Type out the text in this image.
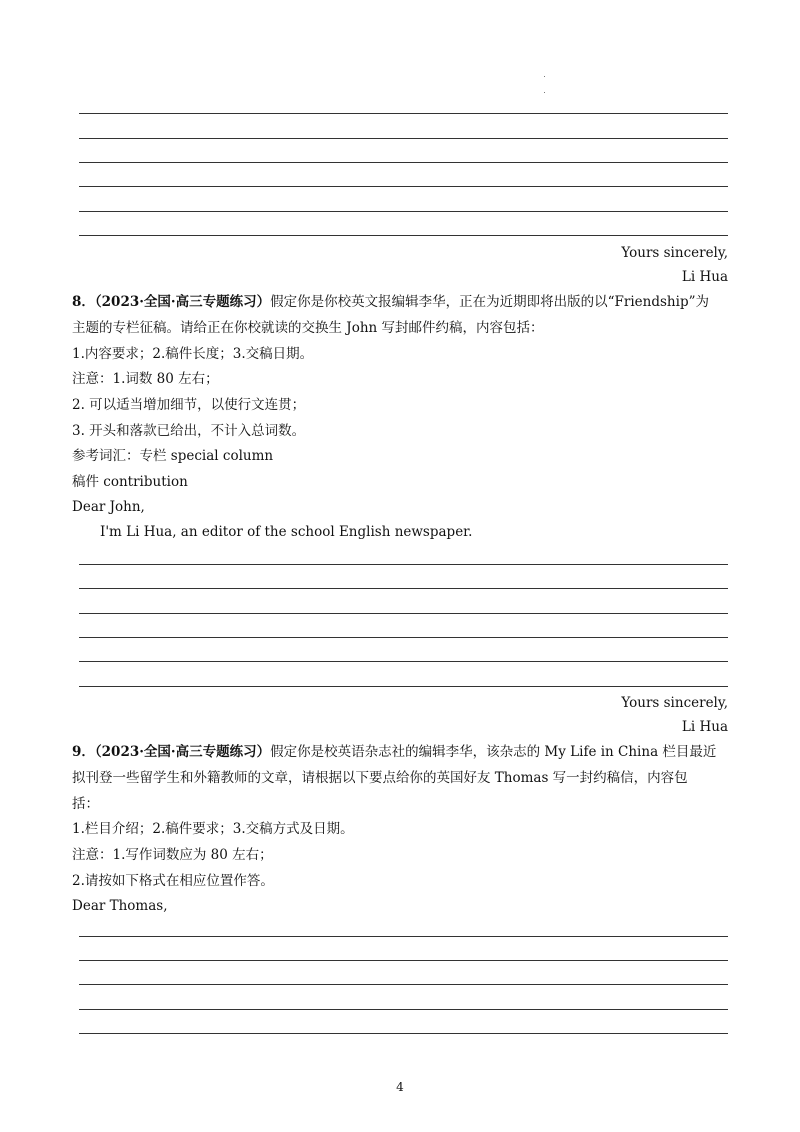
Yours sincerely,
Li Hua
8．（2023·全国·高三专题练习）假定你是你校英文报编辑李华，正在为近期即将出版的以“Friendship”为
主题的专栏征稿。请给正在你校就读的交换生 John 写封邮件约稿，内容包括：
1.内容要求；2.稿件长度；3.交稿日期。
注意：1.词数 80 左右；
2. 可以适当增加细节，以使行文连贯；
3. 开头和落款已给出，不计入总词数。
参考词汇：专栏 special column
稿件 contribution
Dear John,
I'm Li Hua, an editor of the school English newspaper.
Yours sincerely,
Li Hua
9．（2023·全国·高三专题练习）假定你是校英语杂志社的编辑李华，该杂志的 My Life in China 栏目最近
拟刊登一些留学生和外籍教师的文章，请根据以下要点给你的英国好友 Thomas 写一封约稿信，内容包
括：
1.栏目介绍；2.稿件要求；3.交稿方式及日期。
注意：1.写作词数应为 80 左右；
2.请按如下格式在相应位置作答。
Dear Thomas,
4
